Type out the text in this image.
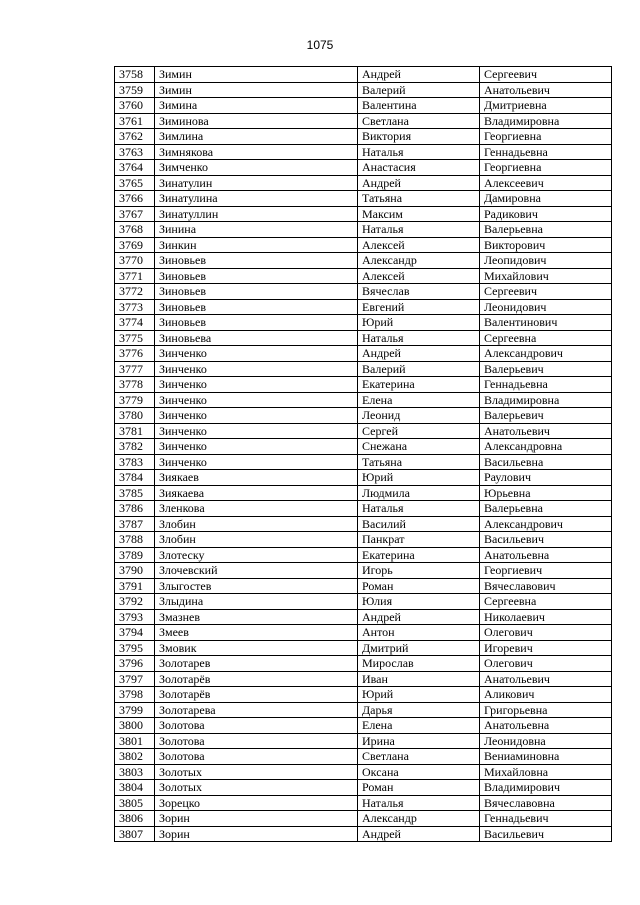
1075
3758	Зимин	Андрей	Сергеевич
3759	Зимин	Валерий	Анатольевич
3760	Зимина	Валентина	Дмитриевна
3761	Зиминова	Светлана	Владимировна
3762	Зимлина	Виктория	Георгиевна
3763	Зимнякова	Наталья	Геннадьевна
3764	Зимченко	Анастасия	Георгиевна
3765	Зинатулин	Андрей	Алексеевич
3766	Зинатулина	Татьяна	Дамировна
3767	Зинатуллин	Максим	Радикович
3768	Зинина	Наталья	Валерьевна
3769	Зинкин	Алексей	Викторович
3770	Зиновьев	Александр	Леопидович
3771	Зиновьев	Алексей	Михайлович
3772	Зиновьев	Вячеслав	Сергеевич
3773	Зиновьев	Евгений	Леонидович
3774	Зиновьев	Юрий	Валентинович
3775	Зиновьева	Наталья	Сергеевна
3776	Зинченко	Андрей	Александрович
3777	Зинченко	Валерий	Валерьевич
3778	Зинченко	Екатерина	Геннадьевна
3779	Зинченко	Елена	Владимировна
3780	Зинченко	Леонид	Валерьевич
3781	Зинченко	Сергей	Анатольевич
3782	Зинченко	Снежана	Александровна
3783	Зинченко	Татьяна	Васильевна
3784	Зиякаев	Юрий	Раулович
3785	Зиякаева	Людмила	Юрьевна
3786	Зленкова	Наталья	Валерьевна
3787	Злобин	Василий	Александрович
3788	Злобин	Панкрат	Васильевич
3789	Злотеску	Екатерина	Анатольевна
3790	Злочевский	Игорь	Георгиевич
3791	Злыгостев	Роман	Вячеславович
3792	Злыдина	Юлия	Сергеевна
3793	Змазнев	Андрей	Николаевич
3794	Змеев	Антон	Олегович
3795	Змовик	Дмитрий	Игоревич
3796	Золотарев	Мирослав	Олегович
3797	Золотарёв	Иван	Анатольевич
3798	Золотарёв	Юрий	Аликович
3799	Золотарева	Дарья	Григорьевна
3800	Золотова	Елена	Анатольевна
3801	Золотова	Ирина	Леонидовна
3802	Золотова	Светлана	Вениаминовна
3803	Золотых	Оксана	Михайловна
3804	Золотых	Роман	Владимирович
3805	Зорецко	Наталья	Вячеславовна
3806	Зорин	Александр	Геннадьевич
3807	Зорин	Андрей	Васильевич
